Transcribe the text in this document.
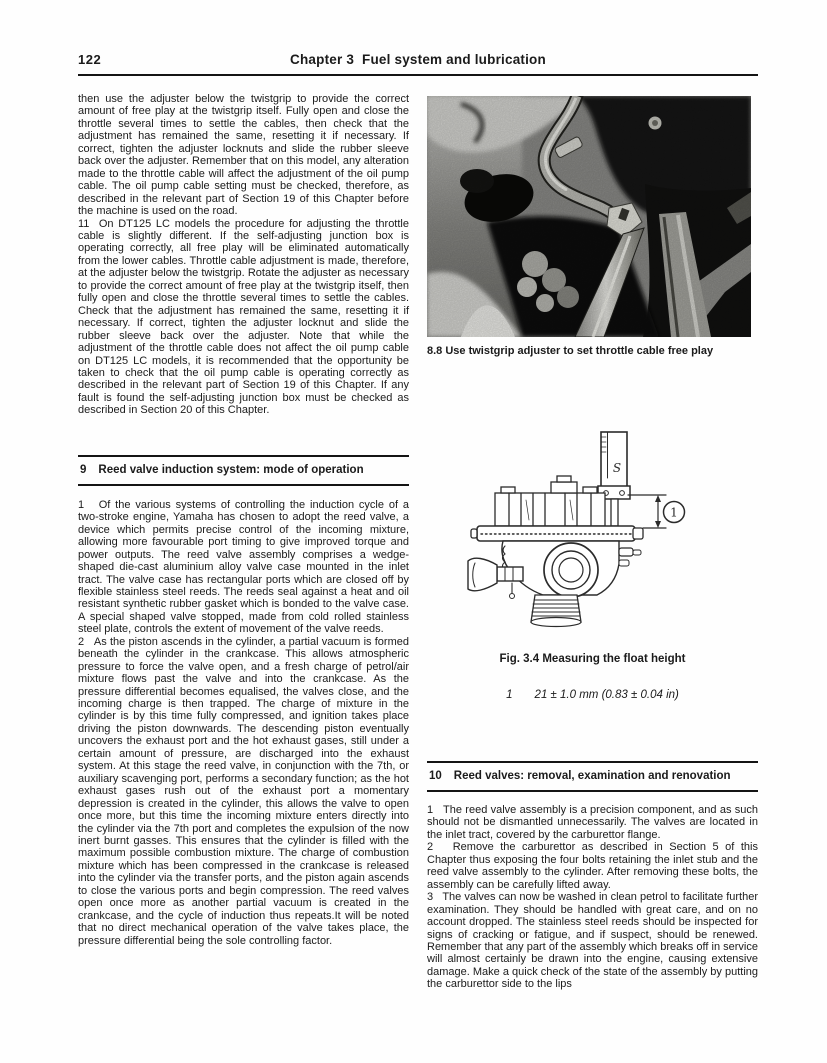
122	Chapter 3  Fuel system and lubrication

then use the adjuster below the twistgrip to provide the correct amount of free play at the twistgrip itself. Fully open and close the throttle several times to settle the cables, then check that the adjustment has remained the same, resetting it if necessary. If correct, tighten the adjuster locknuts and slide the rubber sleeve back over the adjuster. Remember that on this model, any alteration made to the throttle cable will affect the adjustment of the oil pump cable. The oil pump cable setting must be checked, therefore, as described in the relevant part of Section 19 of this Chapter before the machine is used on the road.

11  On DT125 LC models the procedure for adjusting the throttle cable is slightly different. If the self-adjusting junction box is operating correctly, all free play will be eliminated automatically from the lower cables. Throttle cable adjustment is made, therefore, at the adjuster below the twistgrip. Rotate the adjuster as necessary to provide the correct amount of free play at the twistgrip itself, then fully open and close the throttle several times to settle the cables. Check that the adjustment has remained the same, resetting it if necessary. If correct, tighten the adjuster locknut and slide the rubber sleeve back over the adjuster. Note that while the adjustment of the throttle cable does not affect the oil pump cable on DT125 LC models, it is recommended that the opportunity be taken to check that the oil pump cable is operating correctly as described in the relevant part of Section 19 of this Chapter. If any fault is found the self-adjusting junction box must be checked as described in Section 20 of this Chapter.

9 Reed valve induction system: mode of operation

1   Of the various systems of controlling the induction cycle of a two-stroke engine, Yamaha has chosen to adopt the reed valve, a device which permits precise control of the incoming mixture, allowing more favourable port timing to give improved torque and power outputs. The reed valve assembly comprises a wedge-shaped die-cast aluminium alloy valve case mounted in the inlet tract. The valve case has rectangular ports which are closed off by flexible stainless steel reeds. The reeds seal against a heat and oil resistant synthetic rubber gasket which is bonded to the valve case. A special shaped valve stopped, made from cold rolled stainless steel plate, controls the extent of movement of the valve reeds.

2   As the piston ascends in the cylinder, a partial vacuum is formed beneath the cylinder in the crankcase. This allows atmospheric pressure to force the valve open, and a fresh charge of petrol/air mixture flows past the valve and into the crankcase. As the pressure differential becomes equalised, the valves close, and the incoming charge is then trapped. The charge of mixture in the cylinder is by this time fully compressed, and ignition takes place driving the piston downwards. The descending piston eventually uncovers the exhaust port and the hot exhaust gases, still under a certain amount of pressure, are discharged into the exhaust system. At this stage the reed valve, in conjunction with the 7th, or auxiliary scavenging port, performs a secondary function; as the hot exhaust gases rush out of the exhaust port a momentary depression is created in the cylinder, this allows the valve to open once more, but this time the incoming mixture enters directly into the cylinder via the 7th port and completes the expulsion of the now inert burnt gasses. This ensures that the cylinder is filled with the maximum possible combustion mixture. The charge of combustion mixture which has been compressed in the crankcase is released into the cylinder via the transfer ports, and the piston again ascends to close the various ports and begin compression. The reed valves open once more as another partial vacuum is created in the crankcase, and the cycle of induction thus repeats.It will be noted that no direct mechanical operation of the valve takes place, the pressure differential being the sole controlling factor.

8.8 Use twistgrip adjuster to set throttle cable free play
S
1
Fig. 3.4 Measuring the float height
1 21 ± 1.0 mm (0.83 ± 0.04 in)
10 Reed valves: removal, examination and renovation

1   The reed valve assembly is a precision component, and as such should not be dismantled unnecessarily. The valves are located in the inlet tract, covered by the carburettor flange.

2   Remove the carburettor as described in Section 5 of this Chapter thus exposing the four bolts retaining the inlet stub and the reed valve assembly to the cylinder. After removing these bolts, the assembly can be carefully lifted away.

3   The valves can now be washed in clean petrol to facilitate further examination. They should be handled with great care, and on no account dropped. The stainless steel reeds should be inspected for signs of cracking or fatigue, and if suspect, should be renewed. Remember that any part of the assembly which breaks off in service will almost certainly be drawn into the engine, causing extensive damage. Make a quick check of the state of the assembly by putting the carburettor side to the lips
